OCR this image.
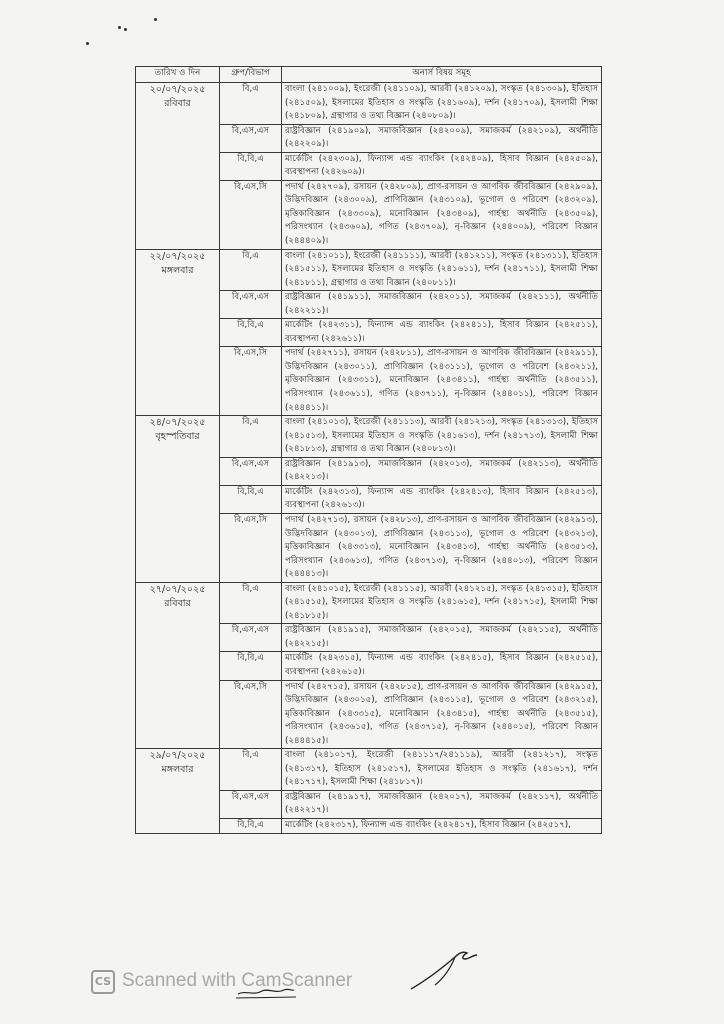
তারিখ ও দিন	গ্রুপ/বিভাগ	অনার্স বিষয় সমূহ

২০/০৭/২০২৫
রবিবার	বি,এ	বাংলা (২৪১০০৯), ইংরেজী (২৪১১০৯), আরবী (২৪১২০৯), সংস্কৃত (২৪১৩০৯), ইতিহাস (২৪১৫০৯), ইসলামের ইতিহাস ও সংস্কৃতি (২৪১৬০৯), দর্শন (২৪১৭০৯), ইসলামী শিক্ষা (২৪১৮০৯), গ্রন্থাগার ও তথ্য বিজ্ঞান (২৪০৮০৯)।
	বি,এস,এস	রাষ্ট্রবিজ্ঞান (২৪১৯০৯), সমাজবিজ্ঞান (২৪২০০৯), সমাজকর্ম (২৪২১০৯), অর্থনীতি (২৪২২০৯)।
	বি,বি,এ	মার্কেটিং (২৪২৩০৯), ফিন্যান্স এন্ড ব্যাংকিং (২৪২৪০৯), হিসাব বিজ্ঞান (২৪২৫০৯), ব্যবস্থাপনা (২৪২৬০৯)।
	বি,এস,সি	পদার্থ (২৪২৭০৯), রসায়ন (২৪২৮০৯), প্রাণ-রসায়ন ও আণবিক জীববিজ্ঞান (২৪২৯০৯), উদ্ভিদবিজ্ঞান (২৪৩০০৯), প্রাণিবিজ্ঞান (২৪৩১০৯), ভূগোল ও পরিবেশ (২৪৩২০৯), মৃত্তিকাবিজ্ঞান (২৪৩৩০৯), মনোবিজ্ঞান (২৪৩৪০৯), গার্হস্থ্য অর্থনীতি (২৪৩৫০৯), পরিসংখ্যান (২৪৩৬০৯), গণিত (২৪৩৭০৯), নৃ-বিজ্ঞান (২৪৪০০৯), পরিবেশ বিজ্ঞান (২৪৪৪০৯)।

২২/০৭/২০২৫
মঙ্গলবার	বি,এ	বাংলা (২৪১০১১), ইংরেজী (২৪১১১১), আরবী (২৪১২১১), সংস্কৃত (২৪১৩১১), ইতিহাস (২৪১৫১১), ইসলামের ইতিহাস ও সংস্কৃতি (২৪১৬১১), দর্শন (২৪১৭১১), ইসলামী শিক্ষা (২৪১৮১১), গ্রন্থাগার ও তথ্য বিজ্ঞান (২৪০৮১১)।
	বি,এস,এস	রাষ্ট্রবিজ্ঞান (২৪১৯১১), সমাজবিজ্ঞান (২৪২০১১), সমাজকর্ম (২৪২১১১), অর্থনীতি (২৪২২১১)।
	বি,বি,এ	মার্কেটিং (২৪২৩১১), ফিন্যান্স এন্ড ব্যাংকিং (২৪২৪১১), হিসাব বিজ্ঞান (২৪২৫১১), ব্যবস্থাপনা (২৪২৬১১)।
	বি,এস,সি	পদার্থ (২৪২৭১১), রসায়ন (২৪২৮১১), প্রাণ-রসায়ন ও আণবিক জীববিজ্ঞান (২৪২৯১১), উদ্ভিদবিজ্ঞান (২৪৩০১১), প্রাণিবিজ্ঞান (২৪৩১১১), ভূগোল ও পরিবেশ (২৪৩২১১), মৃত্তিকাবিজ্ঞান (২৪৩৩১১), মনোবিজ্ঞান (২৪৩৪১১), গার্হস্থ্য অর্থনীতি (২৪৩৫১১), পরিসংখ্যান (২৪৩৬১১), গণিত (২৪৩৭১১), নৃ-বিজ্ঞান (২৪৪০১১), পরিবেশ বিজ্ঞান (২৪৪৪১১)।

২৪/০৭/২০২৫
বৃহস্পতিবার	বি,এ	বাংলা (২৪১০১৩), ইংরেজী (২৪১১১৩), আরবী (২৪১২১৩), সংস্কৃত (২৪১৩১৩), ইতিহাস (২৪১৫১৩), ইসলামের ইতিহাস ও সংস্কৃতি (২৪১৬১৩), দর্শন (২৪১৭১৩), ইসলামী শিক্ষা (২৪১৮১৩), গ্রন্থাগার ও তথ্য বিজ্ঞান (২৪০৮১৩)।
	বি,এস,এস	রাষ্ট্রবিজ্ঞান (২৪১৯১৩), সমাজবিজ্ঞান (২৪২০১৩), সমাজকর্ম (২৪২১১৩), অর্থনীতি (২৪২২১৩)।
	বি,বি,এ	মার্কেটিং (২৪২৩১৩), ফিন্যান্স এন্ড ব্যাংকিং (২৪২৪১৩), হিসাব বিজ্ঞান (২৪২৫১৩), ব্যবস্থাপনা (২৪২৬১৩)।
	বি,এস,সি	পদার্থ (২৪২৭১৩), রসায়ন (২৪২৮১৩), প্রাণ-রসায়ন ও আণবিক জীববিজ্ঞান (২৪২৯১৩), উদ্ভিদবিজ্ঞান (২৪৩০১৩), প্রাণিবিজ্ঞান (২৪৩১১৩), ভূগোল ও পরিবেশ (২৪৩২১৩), মৃত্তিকাবিজ্ঞান (২৪৩৩১৩), মনোবিজ্ঞান (২৪৩৪১৩), গার্হস্থ্য অর্থনীতি (২৪৩৫১৩), পরিসংখ্যান (২৪৩৬১৩), গণিত (২৪৩৭১৩), নৃ-বিজ্ঞান (২৪৪০১৩), পরিবেশ বিজ্ঞান (২৪৪৪১৩)।

২৭/০৭/২০২৫
রবিবার	বি,এ	বাংলা (২৪১০১৫), ইংরেজী (২৪১১১৫), আরবী (২৪১২১৫), সংস্কৃত (২৪১৩১৫), ইতিহাস (২৪১৫১৫), ইসলামের ইতিহাস ও সংস্কৃতি (২৪১৬১৫), দর্শন (২৪১৭১৫), ইসলামী শিক্ষা (২৪১৮১৫)।
	বি,এস,এস	রাষ্ট্রবিজ্ঞান (২৪১৯১৫), সমাজবিজ্ঞান (২৪২০১৫), সমাজকর্ম (২৪২১১৫), অর্থনীতি (২৪২২১৫)।
	বি,বি,এ	মার্কেটিং (২৪২৩১৫), ফিন্যান্স এন্ড ব্যাংকিং (২৪২৪১৫), হিসাব বিজ্ঞান (২৪২৫১৫), ব্যবস্থাপনা (২৪২৬১৫)।
	বি,এস,সি	পদার্থ (২৪২৭১৫), রসায়ন (২৪২৮১৫), প্রাণ-রসায়ন ও আণবিক জীববিজ্ঞান (২৪২৯১৫), উদ্ভিদবিজ্ঞান (২৪৩০১৫), প্রাণিবিজ্ঞান (২৪৩১১৫), ভূগোল ও পরিবেশ (২৪৩২১৫), মৃত্তিকাবিজ্ঞান (২৪৩৩১৫), মনোবিজ্ঞান (২৪৩৪১৫), গার্হস্থ্য অর্থনীতি (২৪৩৫১৫), পরিসংখ্যান (২৪৩৬১৫), গণিত (২৪৩৭১৫), নৃ-বিজ্ঞান (২৪৪০১৫), পরিবেশ বিজ্ঞান (২৪৪৪১৫)।

২৯/০৭/২০২৫
মঙ্গলবার	বি,এ	বাংলা (২৪১০১৭), ইংরেজী (২৪১১১৭/২৪১১১৯), আরবী (২৪১২১৭), সংস্কৃত (২৪১৩১৭), ইতিহাস (২৪১৫১৭), ইসলামের ইতিহাস ও সংস্কৃতি (২৪১৬১৭), দর্শন (২৪১৭১৭), ইসলামী শিক্ষা (২৪১৮১৭)।
	বি,এস,এস	রাষ্ট্রবিজ্ঞান (২৪১৯১৭), সমাজবিজ্ঞান (২৪২০১৭), সমাজকর্ম (২৪২১১৭), অর্থনীতি (২৪২২১৭)।
	বি,বি,এ	মার্কেটিং (২৪২৩১৭), ফিন্যান্স এন্ড ব্যাংকিং (২৪২৪১৭), হিসাব বিজ্ঞান (২৪২৫১৭),
CS Scanned with CamScanner
